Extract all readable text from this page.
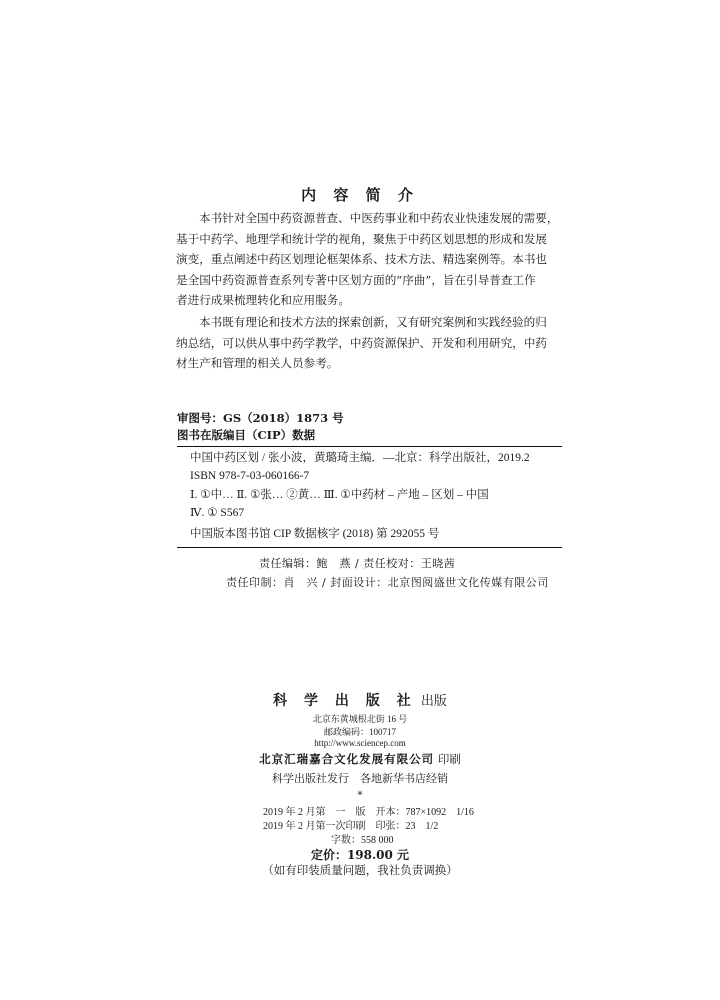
内 容 简 介

本书针对全国中药资源普查、中医药事业和中药农业快速发展的需要，
基于中药学、地理学和统计学的视角，聚焦于中药区划思想的形成和发展
演变，重点阐述中药区划理论框架体系、技术方法、精选案例等。本书也
是全国中药资源普查系列专著中区划方面的“序曲”，旨在引导普查工作
者进行成果梳理转化和应用服务。

本书既有理论和技术方法的探索创新，又有研究案例和实践经验的归
纳总结，可以供从事中药学教学，中药资源保护、开发和利用研究，中药
材生产和管理的相关人员参考。

审图号：GS（2018）1873 号
图书在版编目（CIP）数据
中国中药区划 / 张小波，黄璐琦主编．—北京：科学出版社，2019.2
ISBN 978-7-03-060166-7
Ⅰ. ①中… Ⅱ. ①张… ②黄… Ⅲ. ①中药材 – 产地 – 区划 – 中国
Ⅳ. ① S567
中国版本图书馆 CIP 数据核字 (2018) 第 292055 号
责任编辑：鲍　燕 / 责任校对：王晓茜
责任印制：肖　兴 / 封面设计：北京图阅盛世文化传媒有限公司
科 学 出 版 社 出版
北京东黄城根北街 16 号
邮政编码：100717
http://www.sciencep.com
北京汇瑞嘉合文化发展有限公司 印刷
科学出版社发行　各地新华书店经销
*
2019 年 2 月第　一　版　开本：787×1092　1/16
2019 年 2 月第一次印刷　印张：23　1/2
字数：558 000
定价：198.00 元
（如有印装质量问题，我社负责调换）
